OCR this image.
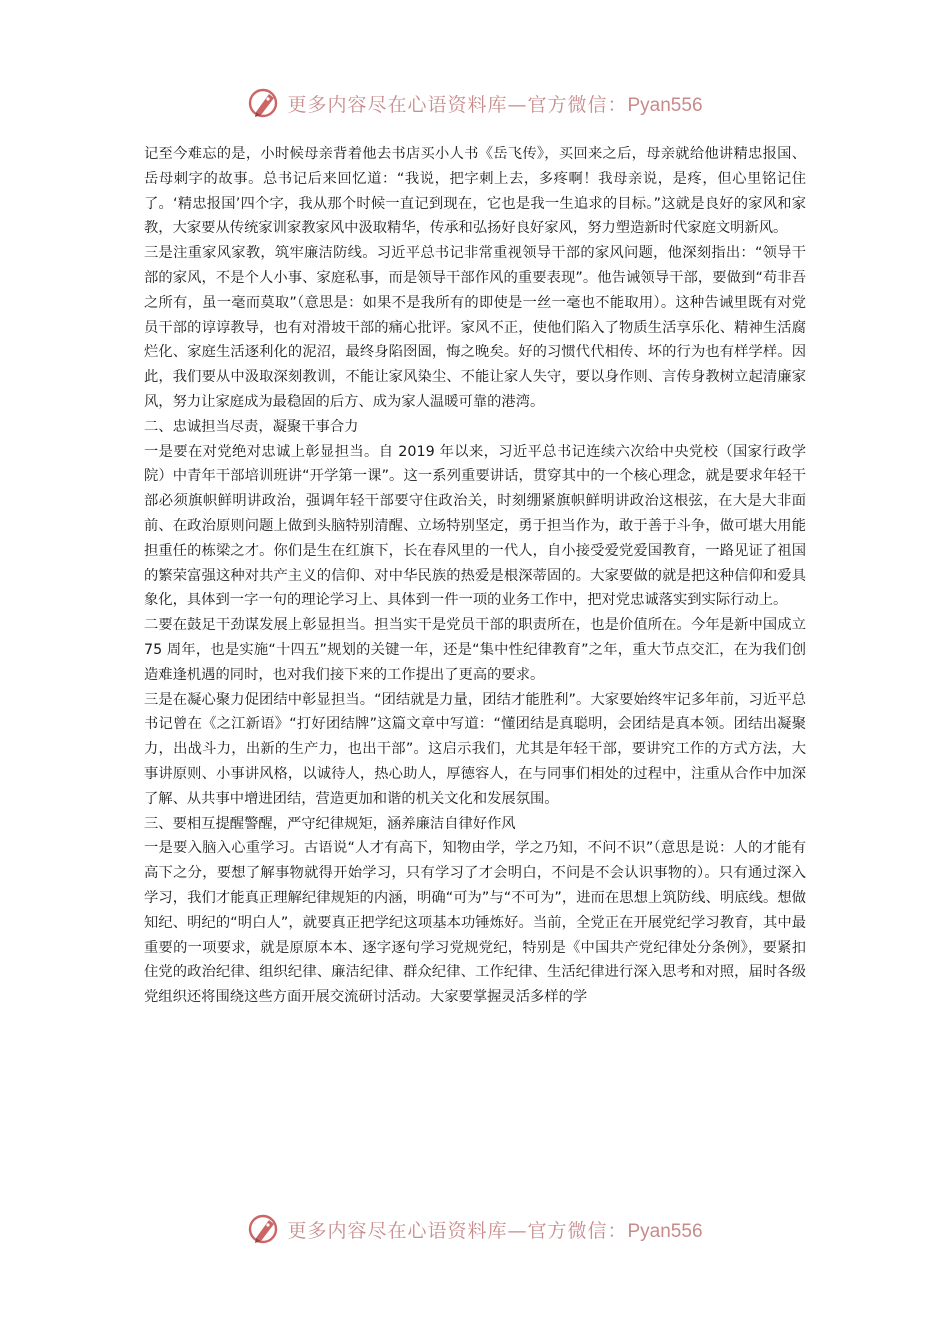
更多内容尽在心语资料库—官方微信：Pyan556

记至今难忘的是，小时候母亲背着他去书店买小人书《岳飞传》，买回来之后，母亲就给他讲精忠报国、岳母刺字的故事。总书记后来回忆道：“我说，把字刺上去，多疼啊！我母亲说，是疼，但心里铭记住了。‘精忠报国’四个字，我从那个时候一直记到现在，它也是我一生追求的目标。”这就是良好的家风和家教，大家要从传统家训家教家风中汲取精华，传承和弘扬好良好家风，努力塑造新时代家庭文明新风。

三是注重家风家教，筑牢廉洁防线。习近平总书记非常重视领导干部的家风问题，他深刻指出：“领导干部的家风，不是个人小事、家庭私事，而是领导干部作风的重要表现”。他告诫领导干部，要做到“苟非吾之所有，虽一毫而莫取”（意思是：如果不是我所有的即使是一丝一毫也不能取用）。这种告诫里既有对党员干部的谆谆教导，也有对滑坡干部的痛心批评。家风不正，使他们陷入了物质生活享乐化、精神生活腐烂化、家庭生活逐利化的泥沼，最终身陷囹圄，悔之晚矣。好的习惯代代相传、坏的行为也有样学样。因此，我们要从中汲取深刻教训，不能让家风染尘、不能让家人失守，要以身作则、言传身教树立起清廉家风，努力让家庭成为最稳固的后方、成为家人温暖可靠的港湾。

二、忠诚担当尽责，凝聚干事合力

一是要在对党绝对忠诚上彰显担当。自 2019 年以来，习近平总书记连续六次给中央党校（国家行政学院）中青年干部培训班讲“开学第一课”。这一系列重要讲话，贯穿其中的一个核心理念，就是要求年轻干部必须旗帜鲜明讲政治，强调年轻干部要守住政治关，时刻绷紧旗帜鲜明讲政治这根弦，在大是大非面前、在政治原则问题上做到头脑特别清醒、立场特别坚定，勇于担当作为，敢于善于斗争，做可堪大用能担重任的栋梁之才。你们是生在红旗下，长在春风里的一代人，自小接受爱党爱国教育，一路见证了祖国的繁荣富强这种对共产主义的信仰、对中华民族的热爱是根深蒂固的。大家要做的就是把这种信仰和爱具象化，具体到一字一句的理论学习上、具体到一件一项的业务工作中，把对党忠诚落实到实际行动上。

二要在鼓足干劲谋发展上彰显担当。担当实干是党员干部的职责所在，也是价值所在。今年是新中国成立 75 周年，也是实施“十四五”规划的关键一年，还是“集中性纪律教育”之年，重大节点交汇，在为我们创造难逢机遇的同时，也对我们接下来的工作提出了更高的要求。

三是在凝心聚力促团结中彰显担当。“团结就是力量，团结才能胜利”。大家要始终牢记多年前，习近平总书记曾在《之江新语》“打好团结牌”这篇文章中写道：“懂团结是真聪明，会团结是真本领。团结出凝聚力，出战斗力，出新的生产力，也出干部”。这启示我们，尤其是年轻干部，要讲究工作的方式方法，大事讲原则、小事讲风格，以诚待人，热心助人，厚德容人，在与同事们相处的过程中，注重从合作中加深了解、从共事中增进团结，营造更加和谐的机关文化和发展氛围。

三、要相互提醒警醒，严守纪律规矩，涵养廉洁自律好作风

一是要入脑入心重学习。古语说“人才有高下，知物由学，学之乃知，不问不识”（意思是说：人的才能有高下之分，要想了解事物就得开始学习，只有学习了才会明白，不问是不会认识事物的）。只有通过深入学习，我们才能真正理解纪律规矩的内涵，明确“可为”与“不可为”，进而在思想上筑防线、明底线。想做知纪、明纪的“明白人”，就要真正把学纪这项基本功锤炼好。当前，全党正在开展党纪学习教育，其中最重要的一项要求，就是原原本本、逐字逐句学习党规党纪，特别是《中国共产党纪律处分条例》，要紧扣住党的政治纪律、组织纪律、廉洁纪律、群众纪律、工作纪律、生活纪律进行深入思考和对照，届时各级党组织还将围绕这些方面开展交流研讨活动。大家要掌握灵活多样的学

更多内容尽在心语资料库—官方微信：Pyan556
